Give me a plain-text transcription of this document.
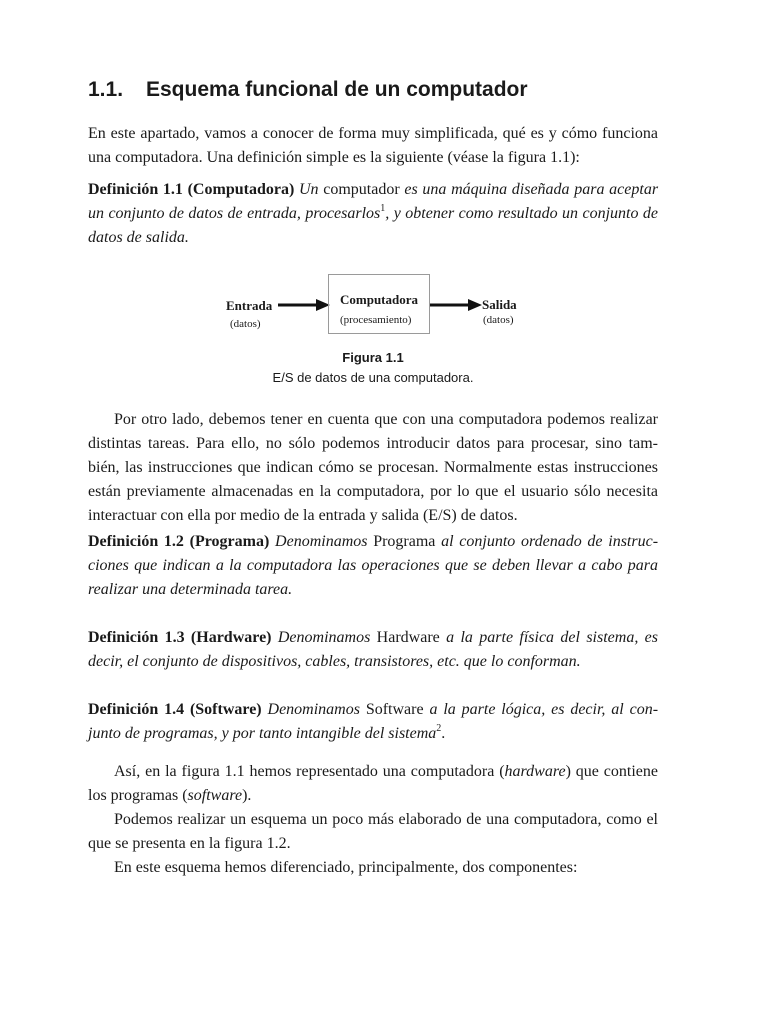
1.1. Esquema funcional de un computador

En este apartado, vamos a conocer de forma muy simplificada, qué es y cómo funciona
una computadora. Una definición simple es la siguiente (véase la figura 1.1):

Definición 1.1 (Computadora) Un computador es una máquina diseñada para aceptar
un conjunto de datos de entrada, procesarlos$^1$, y obtener como resultado un conjunto de
datos de salida.

Entrada
(datos)
Computadora
(procesamiento)
Salida
(datos)
Figura 1.1
E/S de datos de una computadora.

Por otro lado, debemos tener en cuenta que con una computadora podemos realizar
distintas tareas. Para ello, no sólo podemos introducir datos para procesar, sino tam-
bién, las instrucciones que indican cómo se procesan. Normalmente estas instrucciones
están previamente almacenadas en la computadora, por lo que el usuario sólo necesita
interactuar con ella por medio de la entrada y salida (E/S) de datos.

Definición 1.2 (Programa) Denominamos Programa al conjunto ordenado de instruc-
ciones que indican a la computadora las operaciones que se deben llevar a cabo para
realizar una determinada tarea.

Definición 1.3 (Hardware) Denominamos Hardware a la parte física del sistema, es
decir, el conjunto de dispositivos, cables, transistores, etc. que lo conforman.

Definición 1.4 (Software) Denominamos Software a la parte lógica, es decir, al con-
junto de programas, y por tanto intangible del sistema$^2$.

Así, en la figura 1.1 hemos representado una computadora (hardware) que contiene
los programas (software).
Podemos realizar un esquema un poco más elaborado de una computadora, como el
que se presenta en la figura 1.2.
En este esquema hemos diferenciado, principalmente, dos componentes:
